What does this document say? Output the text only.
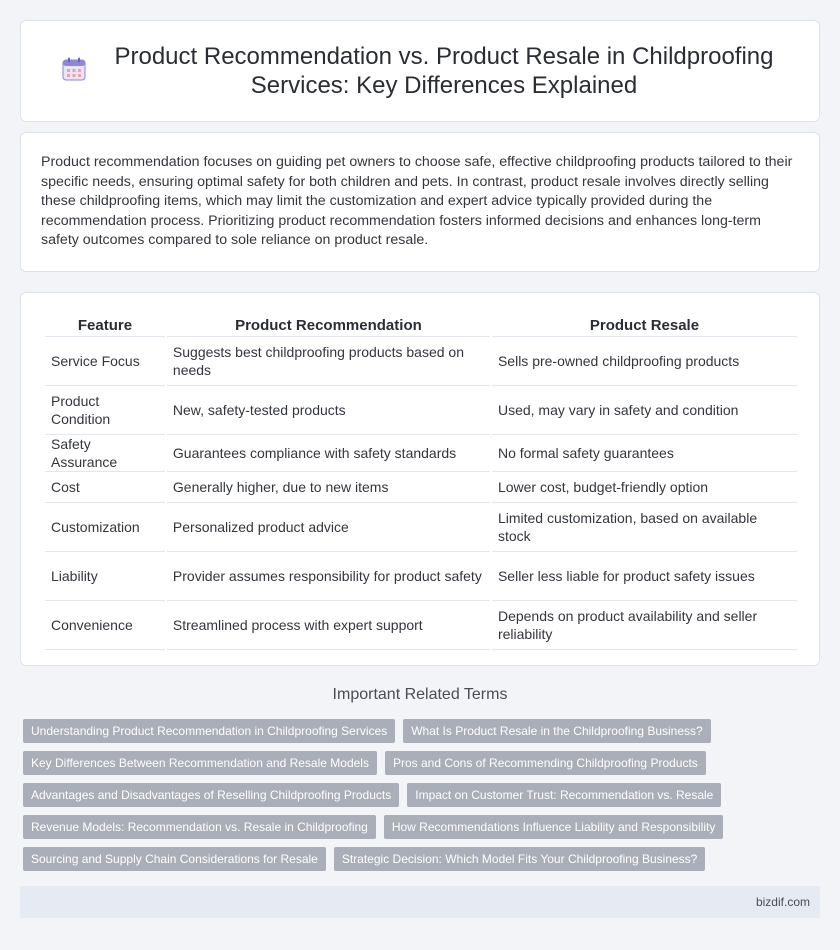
Product Recommendation vs. Product Resale in Childproofing Services: Key Differences Explained

Product recommendation focuses on guiding pet owners to choose safe, effective childproofing products tailored to their specific needs, ensuring optimal safety for both children and pets. In contrast, product resale involves directly selling these childproofing items, which may limit the customization and expert advice typically provided during the recommendation process. Prioritizing product recommendation fosters informed decisions and enhances long-term safety outcomes compared to sole reliance on product resale.

Feature	Product Recommendation	Product Resale
Service Focus	Suggests best childproofing products based on needs	Sells pre-owned childproofing products
Product Condition	New, safety-tested products	Used, may vary in safety and condition
Safety Assurance	Guarantees compliance with safety standards	No formal safety guarantees
Cost	Generally higher, due to new items	Lower cost, budget-friendly option
Customization	Personalized product advice	Limited customization, based on available stock
Liability	Provider assumes responsibility for product safety	Seller less liable for product safety issues
Convenience	Streamlined process with expert support	Depends on product availability and seller reliability
Important Related Terms
Understanding Product Recommendation in Childproofing Services	What Is Product Resale in the Childproofing Business?
Key Differences Between Recommendation and Resale Models	Pros and Cons of Recommending Childproofing Products
Advantages and Disadvantages of Reselling Childproofing Products	Impact on Customer Trust: Recommendation vs. Resale
Revenue Models: Recommendation vs. Resale in Childproofing	How Recommendations Influence Liability and Responsibility
Sourcing and Supply Chain Considerations for Resale	Strategic Decision: Which Model Fits Your Childproofing Business?
bizdif.com
